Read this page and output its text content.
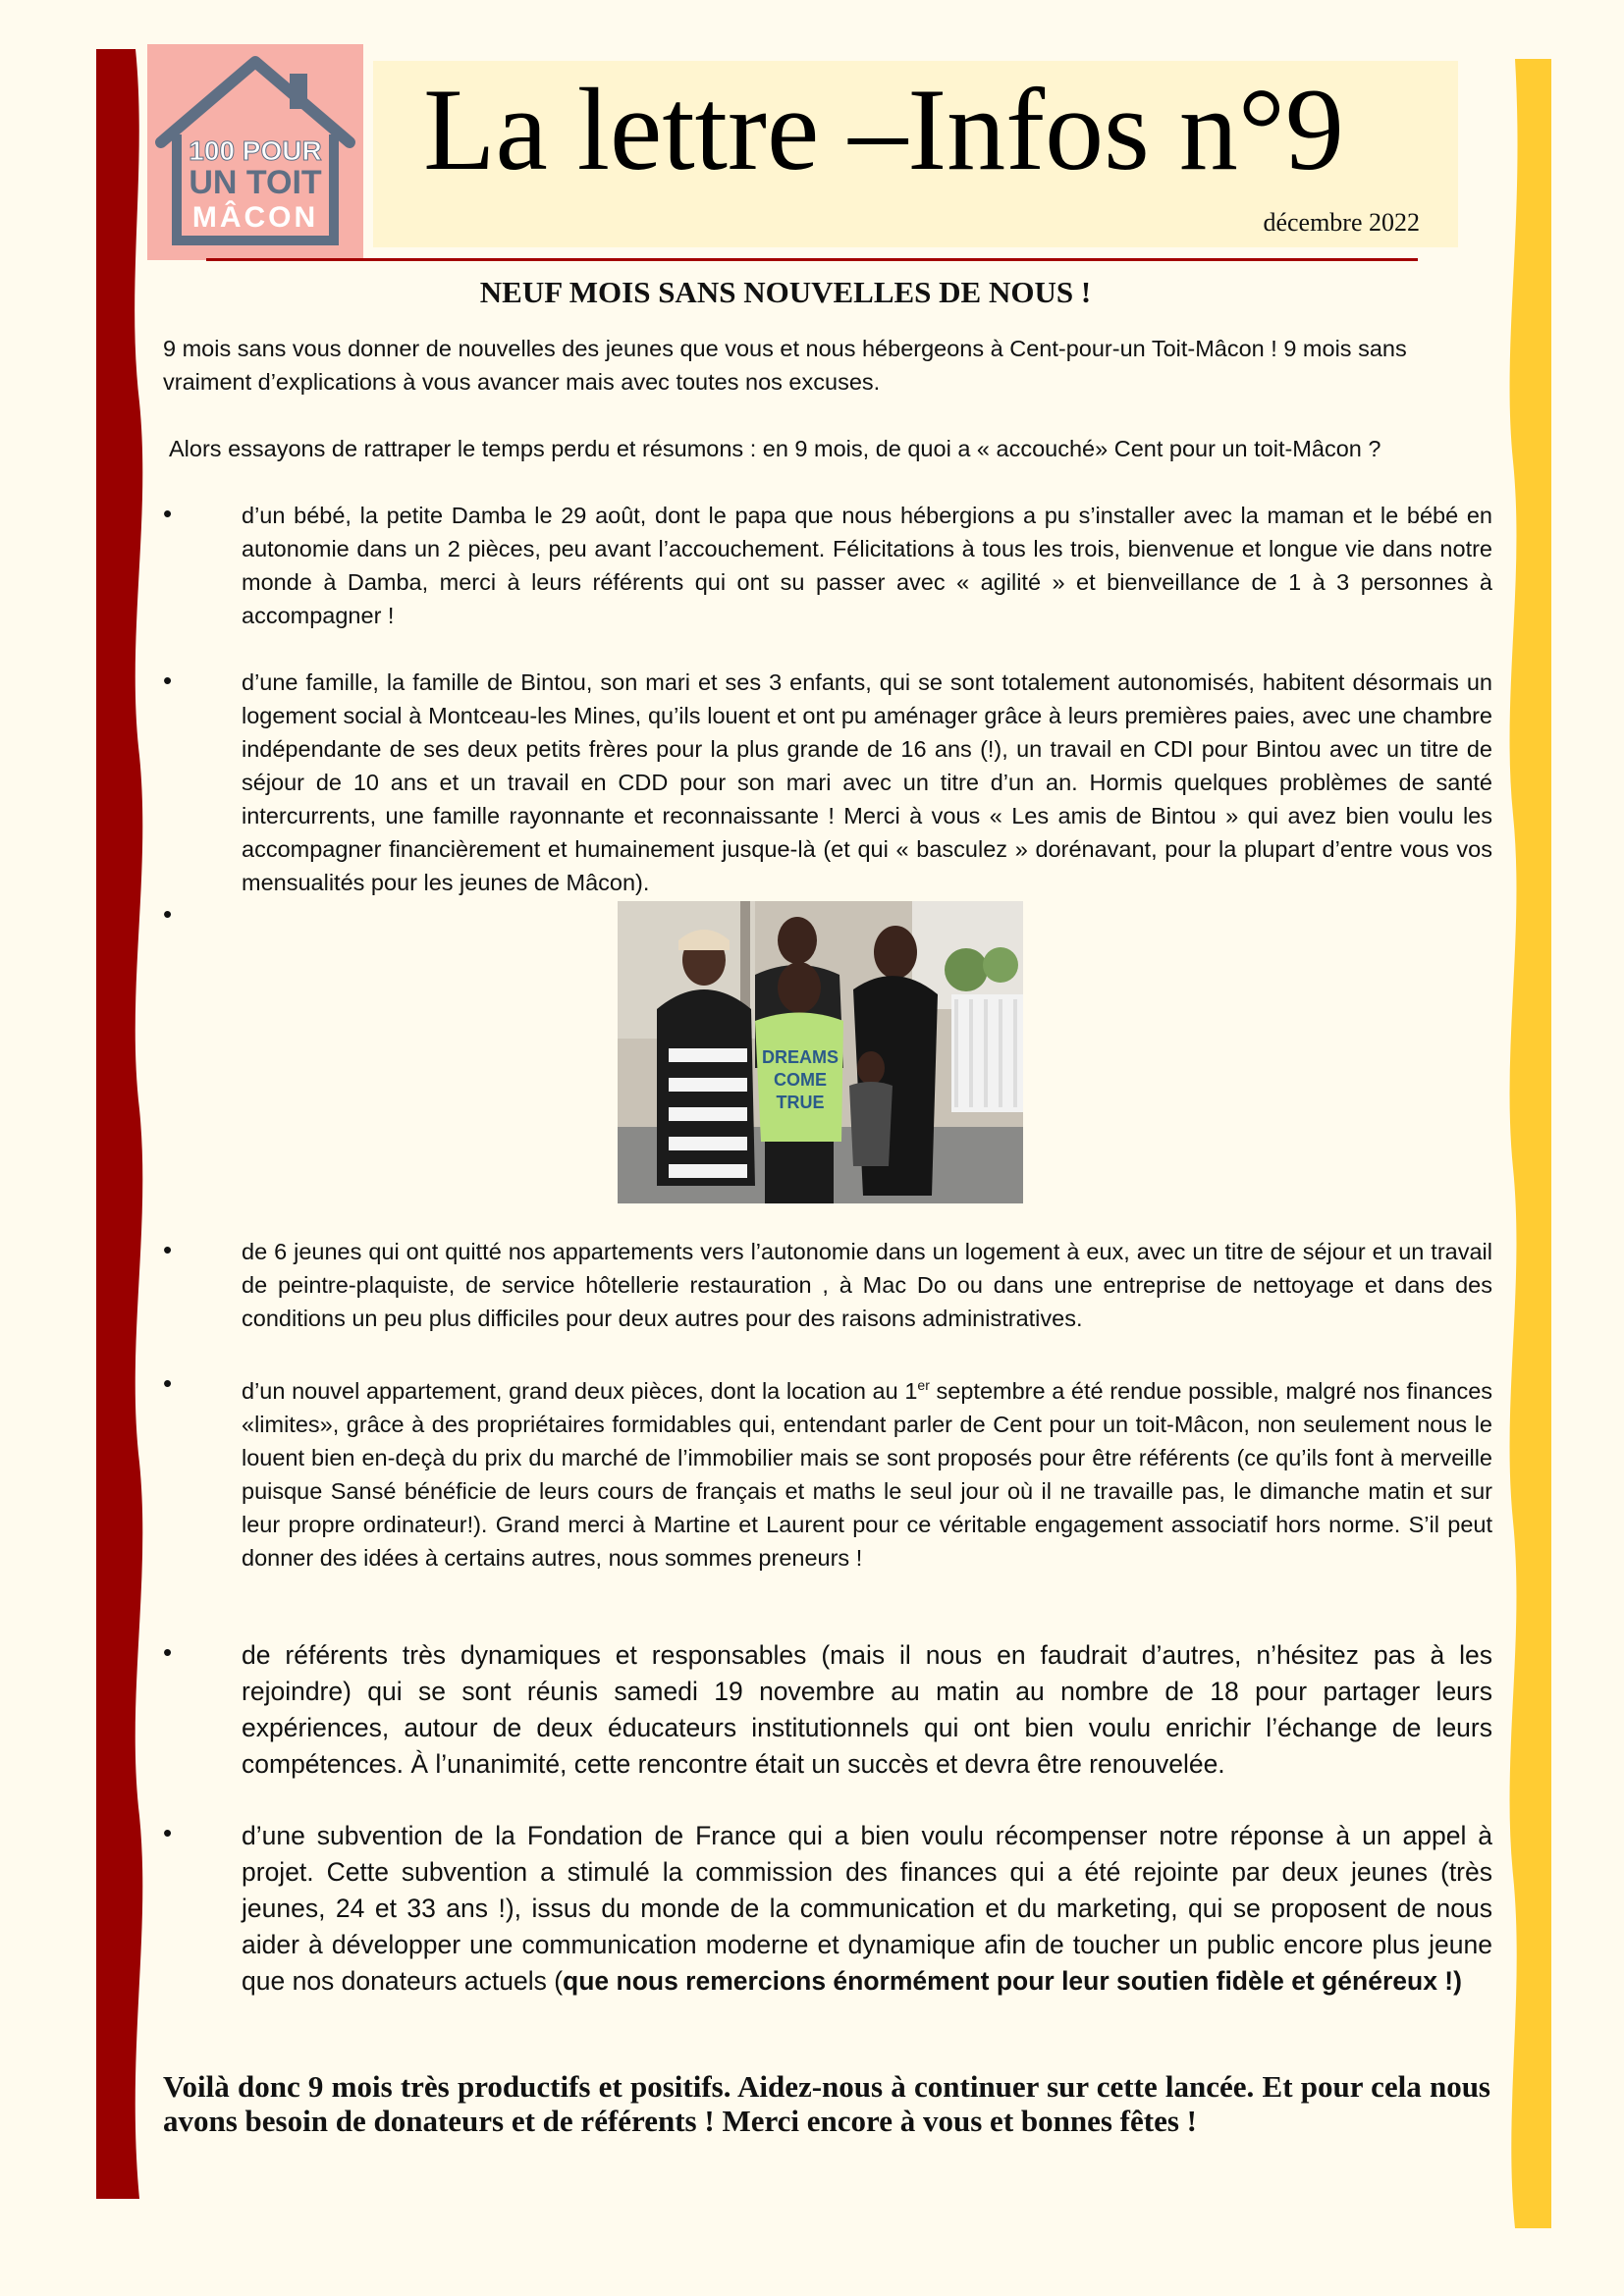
100 POUR
UN TOIT
MÂCON
La lettre –Infos n°9
décembre 2022
NEUF MOIS SANS NOUVELLES DE NOUS !
9 mois sans vous donner de nouvelles des jeunes que vous et nous hébergeons à Cent-pour-un Toit-Mâcon ! 9 mois sans vraiment d’explications à vous avancer mais avec toutes nos excuses.
Alors essayons de rattraper le temps perdu et résumons : en 9 mois, de quoi a « accouché» Cent pour un toit-Mâcon ?
•	d’un bébé, la petite Damba le 29 août, dont le papa que nous hébergions a pu s’installer avec la maman et le bébé en autonomie dans un 2 pièces, peu avant l’accouchement. Félicitations à tous les trois, bienvenue et longue vie dans notre monde à Damba, merci à leurs référents qui ont su passer avec « agilité » et bienveillance de 1 à 3 personnes à accompagner !
•	d’une famille, la famille de Bintou, son mari et ses 3 enfants, qui se sont totalement autonomisés, habitent désormais un logement social à Montceau-les Mines, qu’ils louent et ont pu aménager grâce à leurs premières paies, avec une chambre indépendante de ses deux petits frères pour la plus grande de 16 ans (!), un travail en CDI pour Bintou avec un titre de séjour de 10 ans et un travail en CDD pour son mari avec un titre d’un an. Hormis quelques problèmes de santé intercurrents, une famille rayonnante et reconnaissante ! Merci à vous « Les amis de Bintou » qui avez bien voulu les accompagner financièrement et humainement jusque-là (et qui « basculez » dorénavant, pour la plupart d’entre vous vos mensualités pour les jeunes de Mâcon).
•
DREAMS
COME
TRUE
•	de 6 jeunes qui ont quitté nos appartements vers l’autonomie dans un logement à eux, avec un titre de séjour et un travail de peintre-plaquiste, de service hôtellerie restauration , à Mac Do ou dans une entreprise de nettoyage et dans des conditions un peu plus difficiles pour deux autres pour des raisons administratives.
•	d’un nouvel appartement, grand deux pièces, dont la location au 1er septembre a été rendue possible, malgré nos finances «limites», grâce à des propriétaires formidables qui, entendant parler de Cent pour un toit-Mâcon, non seulement nous le louent bien en-deçà du prix du marché de l’immobilier mais se sont proposés pour être référents (ce qu’ils font à merveille puisque Sansé bénéficie de leurs cours de français et maths le seul jour où il ne travaille pas, le dimanche matin et sur leur propre ordinateur!). Grand merci à Martine et Laurent pour ce véritable engagement associatif hors norme. S’il peut donner des idées à certains autres, nous sommes preneurs !
•	de référents très dynamiques et responsables (mais il nous en faudrait d’autres, n’hésitez pas à les rejoindre) qui se sont réunis samedi 19 novembre au matin au nombre de 18 pour partager leurs expériences, autour de deux éducateurs institutionnels qui ont bien voulu enrichir l’échange de leurs compétences. À l’unanimité, cette rencontre était un succès et devra être renouvelée.
•	d’une subvention de la Fondation de France qui a bien voulu récompenser notre réponse à un appel à projet. Cette subvention a stimulé la commission des finances qui a été rejointe par deux jeunes (très jeunes, 24 et 33 ans !), issus du monde de la communication et du marketing, qui se proposent de nous aider à développer une communication moderne et dynamique afin de toucher un public encore plus jeune que nos donateurs actuels (que nous remercions énormément pour leur soutien fidèle et généreux !)
Voilà donc 9 mois très productifs et positifs. Aidez-nous à continuer sur cette lancée. Et pour cela nous avons besoin de donateurs et de référents ! Merci encore à vous et bonnes fêtes !
